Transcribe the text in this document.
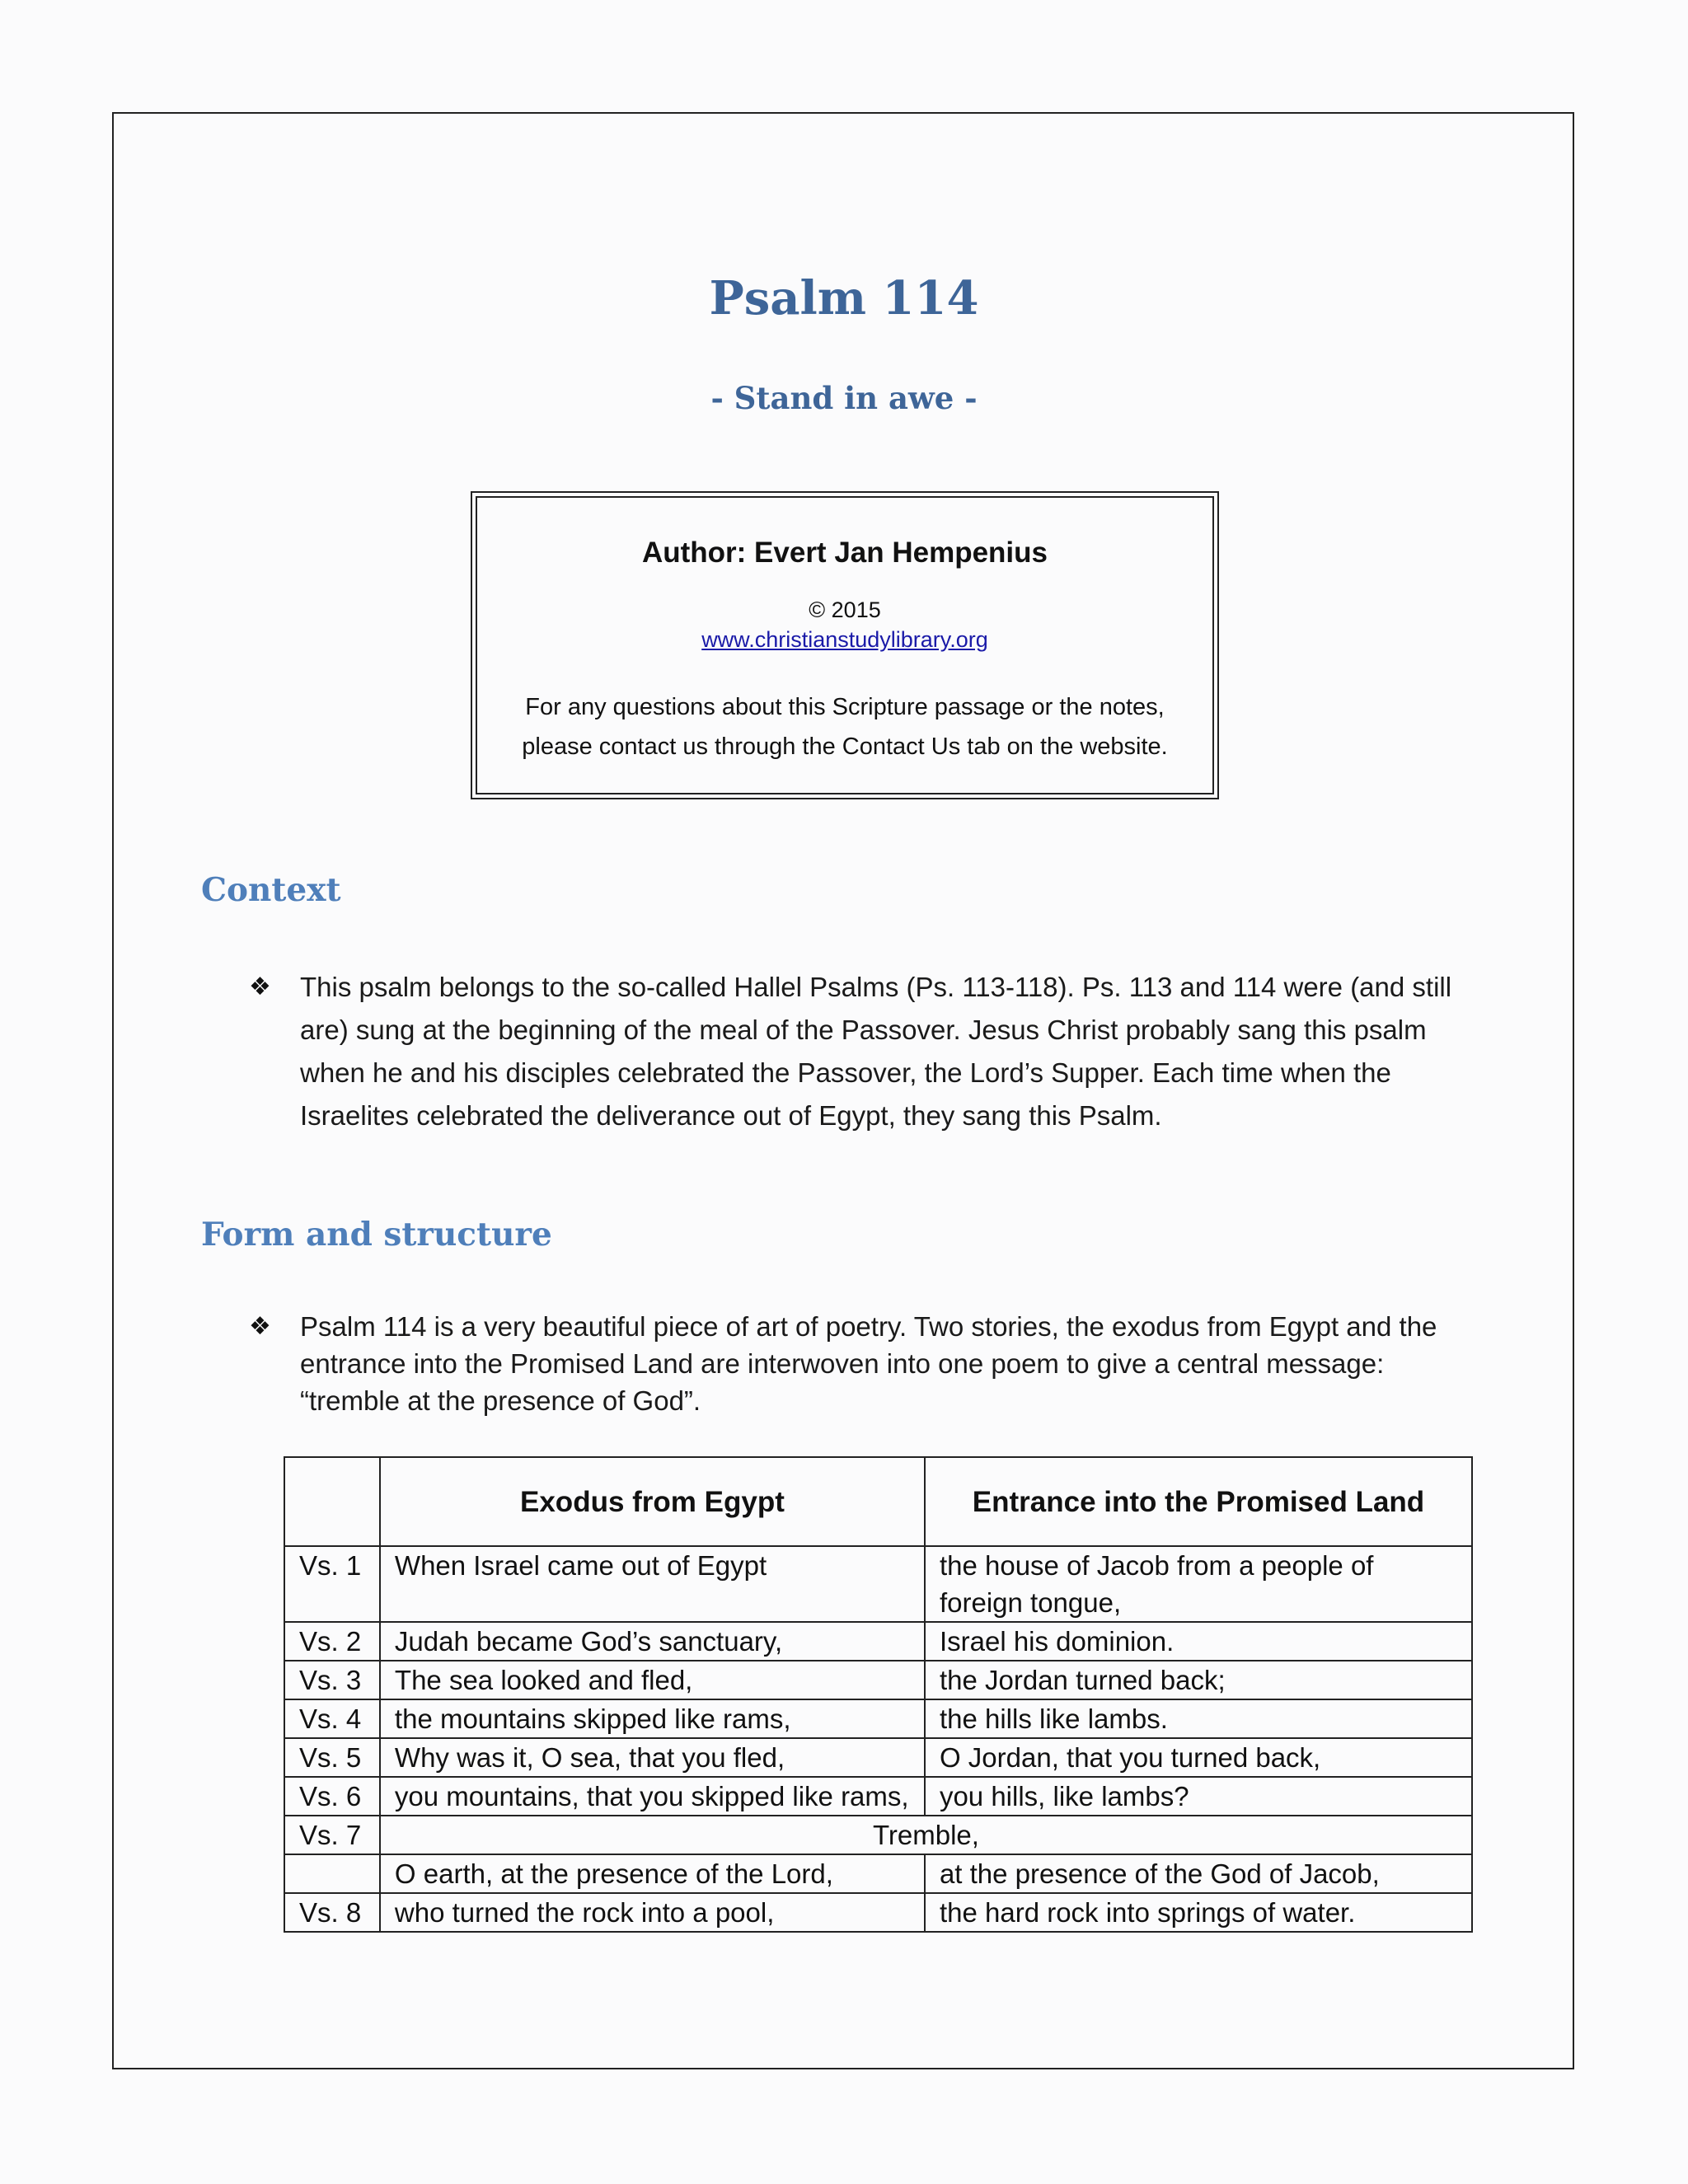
Psalm 114
- Stand in awe -
Author: Evert Jan Hempenius
© 2015
www.christianstudylibrary.org
For any questions about this Scripture passage or the notes,
please contact us through the Contact Us tab on the website.
Context
❖ This psalm belongs to the so-called Hallel Psalms (Ps. 113-118). Ps. 113 and 114 were (and still
are) sung at the beginning of the meal of the Passover. Jesus Christ probably sang this psalm
when he and his disciples celebrated the Passover, the Lord’s Supper. Each time when the
Israelites celebrated the deliverance out of Egypt, they sang this Psalm.
Form and structure
❖ Psalm 114 is a very beautiful piece of art of poetry. Two stories, the exodus from Egypt and the
entrance into the Promised Land are interwoven into one poem to give a central message:
“tremble at the presence of God”.
	Exodus from Egypt	Entrance into the Promised Land
Vs. 1	When Israel came out of Egypt	the house of Jacob from a people of foreign tongue,
Vs. 2	Judah became God’s sanctuary,	Israel his dominion.
Vs. 3	The sea looked and fled,	the Jordan turned back;
Vs. 4	the mountains skipped like rams,	the hills like lambs.
Vs. 5	Why was it, O sea, that you fled,	O Jordan, that you turned back,
Vs. 6	you mountains, that you skipped like rams,	you hills, like lambs?
Vs. 7	Tremble,	
	O earth, at the presence of the Lord,	at the presence of the God of Jacob,
Vs. 8	who turned the rock into a pool,	the hard rock into springs of water.
